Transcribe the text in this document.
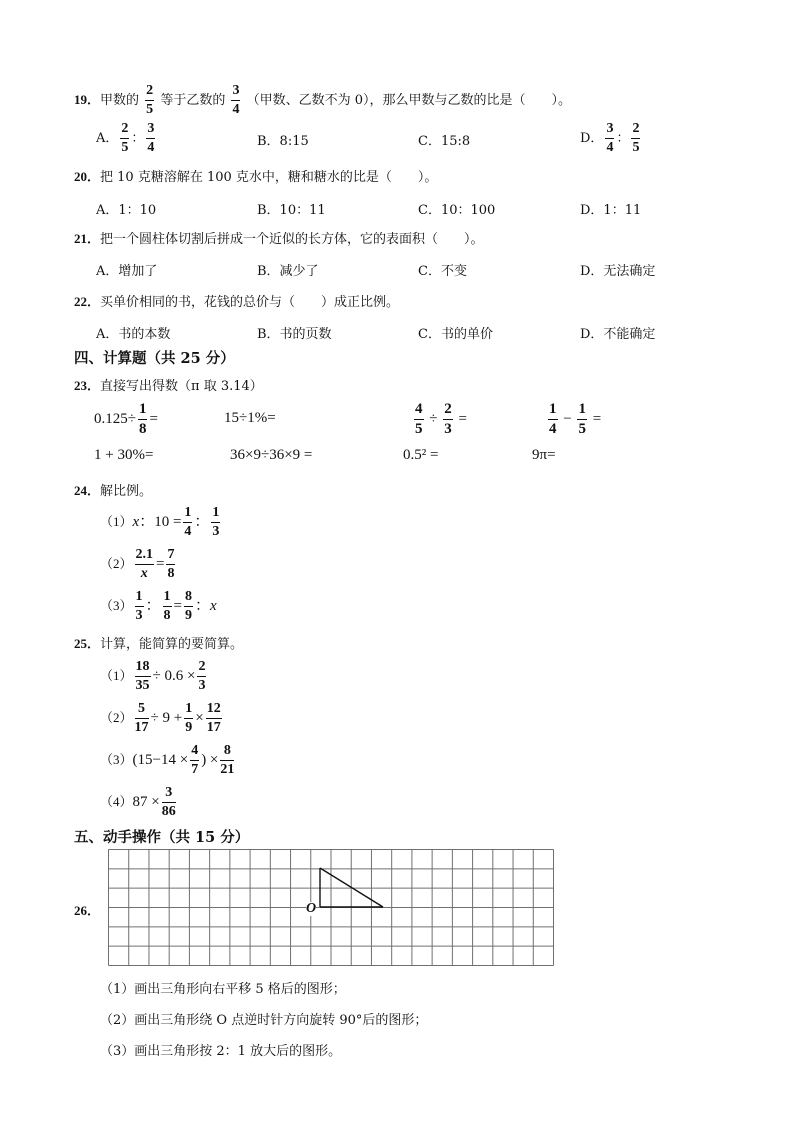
19．甲数的 $\frac{2}{5}$ 等于乙数的 $\frac{3}{4}$ （甲数、乙数不为 0），那么甲数与乙数的比是（　　）。
A． $\frac{2}{5}$ ： $\frac{3}{4}$	B．8:15	C．15:8	D． $\frac{3}{4}$ ： $\frac{2}{5}$
20．把 10 克糖溶解在 100 克水中，糖和糖水的比是（　　）。
A．1：10	B．10：11	C．10：100	D．1：11
21．把一个圆柱体切割后拼成一个近似的长方体，它的表面积（　　）。
A．增加了	B．减少了	C．不变	D．无法确定
22．买单价相同的书，花钱的总价与（　　）成正比例。
A．书的本数	B．书的页数	C．书的单价	D．不能确定
四、计算题（共 25 分）
23．直接写出得数（π 取 3.14）
$0.125\div \frac{1}{8}$ =	15÷1%=	$\frac{4}{5} \div \frac{2}{3}$ =	$\frac{1}{4} - \frac{1}{5}$ =
1 + 30%=	36×9÷36×9 =	0.5² =	9π=
24．解比例。
（1）x：$10 = \frac{1}{4}$ ： $\frac{1}{3}$
$(2) \frac{2.1}{x} = \frac{7}{8}$
$(3) \frac{1}{3}$ ： $\frac{1}{8} = \frac{8}{9}$ ：x
25．计算，能简算的要简算。
$(1) \frac{18}{35} \div 0.6 \times \frac{2}{3}$
$(2) \frac{5}{17} \div 9 + \frac{1}{9} \times \frac{12}{17}$
$(3)(15-14 \times \frac{4}{7}$ ) × $\frac{8}{21}$
$(4)87 \times \frac{3}{86}$
五、动手操作（共 15 分）
26．	O
（1）画出三角形向右平移 5 格后的图形；
（2）画出三角形绕 O 点逆时针方向旋转 90°后的图形；
（3）画出三角形按 2：1 放大后的图形。
